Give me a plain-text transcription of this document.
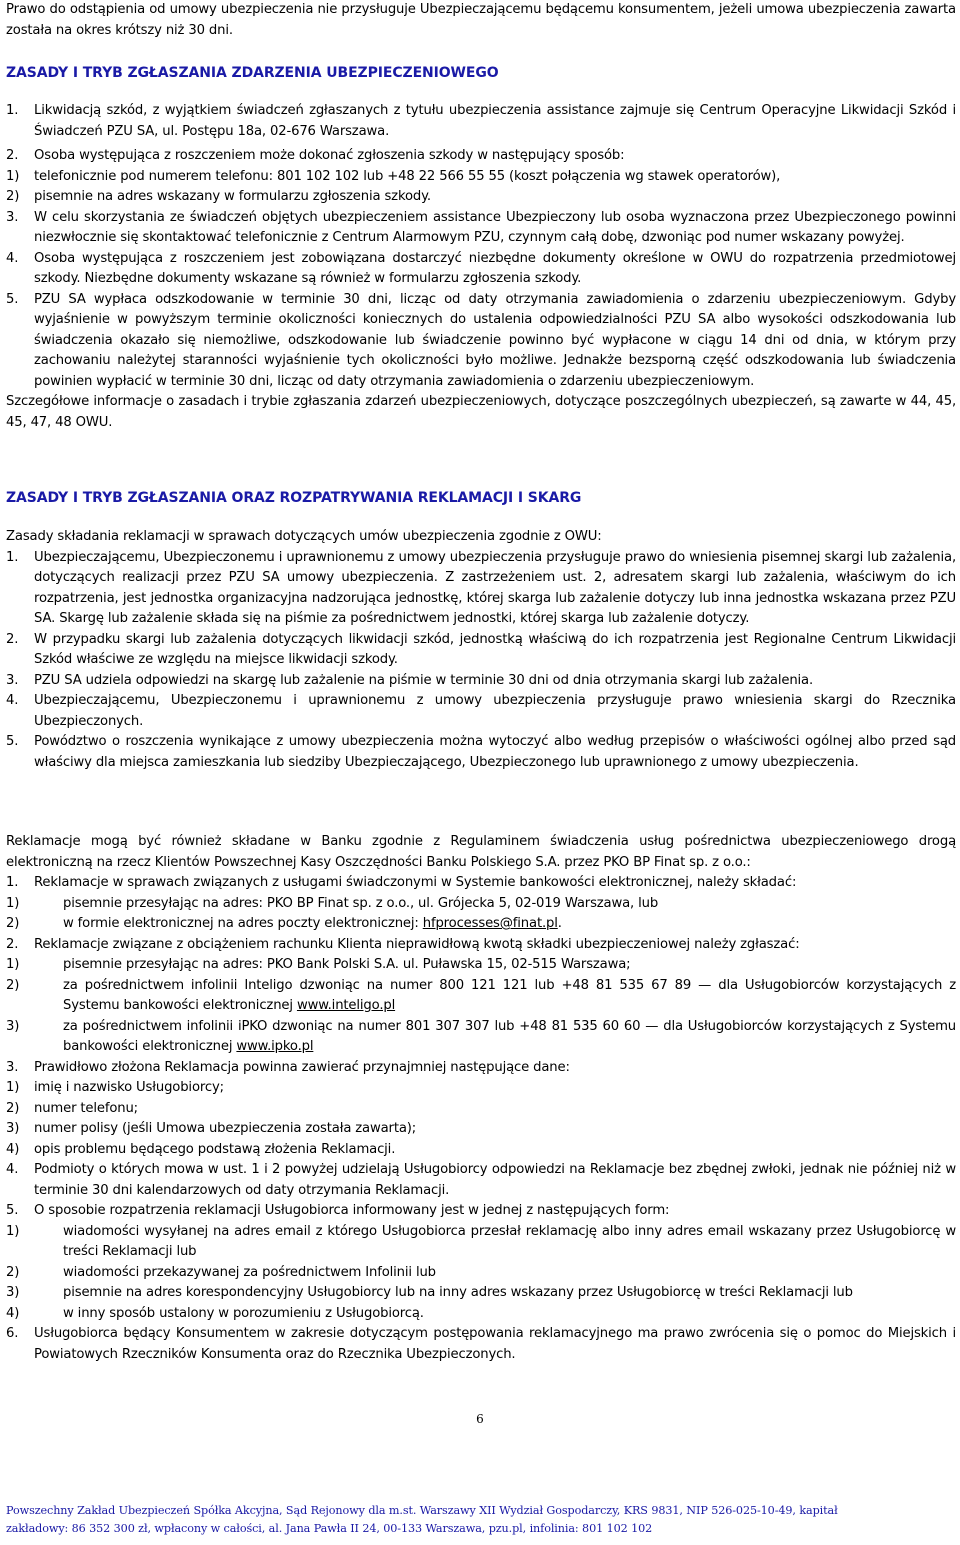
Prawo do odstąpienia od umowy ubezpieczenia nie przysługuje Ubezpieczającemu będącemu konsumentem, jeżeli umowa ubezpieczenia zawarta została na okres krótszy niż 30 dni.

ZASADY I TRYB ZGŁASZANIA ZDARZENIA UBEZPIECZENIOWEGO
1.	Likwidacją szkód, z wyjątkiem świadczeń zgłaszanych z tytułu ubezpieczenia assistance zajmuje się Centrum Operacyjne Likwidacji Szkód i Świadczeń PZU SA, ul. Postępu 18a, 02-676 Warszawa.
2.	Osoba występująca z roszczeniem może dokonać zgłoszenia szkody w następujący sposób:
1)	telefonicznie pod numerem telefonu: 801 102 102 lub +48 22 566 55 55 (koszt połączenia wg stawek operatorów),
2)	pisemnie na adres wskazany w formularzu zgłoszenia szkody.
3.	W celu skorzystania ze świadczeń objętych ubezpieczeniem assistance Ubezpieczony lub osoba wyznaczona przez Ubezpieczonego powinni niezwłocznie się skontaktować telefonicznie z Centrum Alarmowym PZU, czynnym całą dobę, dzwoniąc pod numer wskazany powyżej.
4.	Osoba występująca z roszczeniem jest zobowiązana dostarczyć niezbędne dokumenty określone w OWU do rozpatrzenia przedmiotowej szkody. Niezbędne dokumenty wskazane są również w formularzu zgłoszenia szkody.
5.	PZU SA wypłaca odszkodowanie w terminie 30 dni, licząc od daty otrzymania zawiadomienia o zdarzeniu ubezpieczeniowym. Gdyby wyjaśnienie w powyższym terminie okoliczności koniecznych do ustalenia odpowiedzialności PZU SA albo wysokości odszkodowania lub świadczenia okazało się niemożliwe, odszkodowanie lub świadczenie powinno być wypłacone w ciągu 14 dni od dnia, w którym przy zachowaniu należytej staranności wyjaśnienie tych okoliczności było możliwe. Jednakże bezsporną część odszkodowania lub świadczenia powinien wypłacić w terminie 30 dni, licząc od daty otrzymania zawiadomienia o zdarzeniu ubezpieczeniowym.

Szczegółowe informacje o zasadach i trybie zgłaszania zdarzeń ubezpieczeniowych, dotyczące poszczególnych ubezpieczeń, są zawarte w 44, 45, 45, 47, 48 OWU.

ZASADY I TRYB ZGŁASZANIA ORAZ ROZPATRYWANIA REKLAMACJI I SKARG

Zasady składania reklamacji w sprawach dotyczących umów ubezpieczenia zgodnie z OWU:

1.	Ubezpieczającemu, Ubezpieczonemu i uprawnionemu z umowy ubezpieczenia przysługuje prawo do wniesienia pisemnej skargi lub zażalenia, dotyczących realizacji przez PZU SA umowy ubezpieczenia. Z zastrzeżeniem ust. 2, adresatem skargi lub zażalenia, właściwym do ich rozpatrzenia, jest jednostka organizacyjna nadzorująca jednostkę, której skarga lub zażalenie dotyczy lub inna jednostka wskazana przez PZU SA. Skargę lub zażalenie składa się na piśmie za pośrednictwem jednostki, której skarga lub zażalenie dotyczy.
2.	W przypadku skargi lub zażalenia dotyczących likwidacji szkód, jednostką właściwą do ich rozpatrzenia jest Regionalne Centrum Likwidacji Szkód właściwe ze względu na miejsce likwidacji szkody.
3.	PZU SA udziela odpowiedzi na skargę lub zażalenie na piśmie w terminie 30 dni od dnia otrzymania skargi lub zażalenia.
4.	Ubezpieczającemu, Ubezpieczonemu i uprawnionemu z umowy ubezpieczenia przysługuje prawo wniesienia skargi do Rzecznika Ubezpieczonych.
5.	Powództwo o roszczenia wynikające z umowy ubezpieczenia można wytoczyć albo według przepisów o właściwości ogólnej albo przed sąd właściwy dla miejsca zamieszkania lub siedziby Ubezpieczającego, Ubezpieczonego lub uprawnionego z umowy ubezpieczenia.

Reklamacje mogą być również składane w Banku zgodnie z Regulaminem świadczenia usług pośrednictwa ubezpieczeniowego drogą elektroniczną na rzecz Klientów Powszechnej Kasy Oszczędności Banku Polskiego S.A. przez PKO BP Finat sp. z o.o.:

1.	Reklamacje w sprawach związanych z usługami świadczonymi w Systemie bankowości elektronicznej, należy składać:
1)	pisemnie przesyłając na adres: PKO BP Finat sp. z o.o., ul. Grójecka 5, 02-019 Warszawa, lub
2)	w formie elektronicznej na adres poczty elektronicznej: hfprocesses@finat.pl.
2.	Reklamacje związane z obciążeniem rachunku Klienta nieprawidłową kwotą składki ubezpieczeniowej należy zgłaszać:
1)	pisemnie przesyłając na adres: PKO Bank Polski S.A. ul. Puławska 15, 02-515 Warszawa;
2)	za pośrednictwem infolinii Inteligo dzwoniąc na numer 800 121 121 lub +48 81 535 67 89 — dla Usługobiorców korzystających z Systemu bankowości elektronicznej www.inteligo.pl
3)	za pośrednictwem infolinii iPKO dzwoniąc na numer 801 307 307 lub +48 81 535 60 60 — dla Usługobiorców korzystających z Systemu bankowości elektronicznej www.ipko.pl
3.	Prawidłowo złożona Reklamacja powinna zawierać przynajmniej następujące dane:
1)	imię i nazwisko Usługobiorcy;
2)	numer telefonu;
3)	numer polisy (jeśli Umowa ubezpieczenia została zawarta);
4)	opis problemu będącego podstawą złożenia Reklamacji.
4.	Podmioty o których mowa w ust. 1 i 2 powyżej udzielają Usługobiorcy odpowiedzi na Reklamacje bez zbędnej zwłoki, jednak nie później niż w terminie 30 dni kalendarzowych od daty otrzymania Reklamacji.
5.	O sposobie rozpatrzenia reklamacji Usługobiorca informowany jest w jednej z następujących form:
1)	wiadomości wysyłanej na adres email z którego Usługobiorca przesłał reklamację albo inny adres email wskazany przez Usługobiorcę w treści Reklamacji lub
2)	wiadomości przekazywanej za pośrednictwem Infolinii lub
3)	pisemnie na adres korespondencyjny Usługobiorcy lub na inny adres wskazany przez Usługobiorcę w treści Reklamacji lub
4)	w inny sposób ustalony w porozumieniu z Usługobiorcą.
6.	Usługobiorca będący Konsumentem w zakresie dotyczącym postępowania reklamacyjnego ma prawo zwrócenia się o pomoc do Miejskich i Powiatowych Rzeczników Konsumenta oraz do Rzecznika Ubezpieczonych.
6
Powszechny Zakład Ubezpieczeń Spółka Akcyjna, Sąd Rejonowy dla m.st. Warszawy XII Wydział Gospodarczy, KRS 9831, NIP 526-025-10-49, kapitał
zakładowy: 86 352 300 zł, wpłacony w całości, al. Jana Pawła II 24, 00-133 Warszawa, pzu.pl, infolinia: 801 102 102
